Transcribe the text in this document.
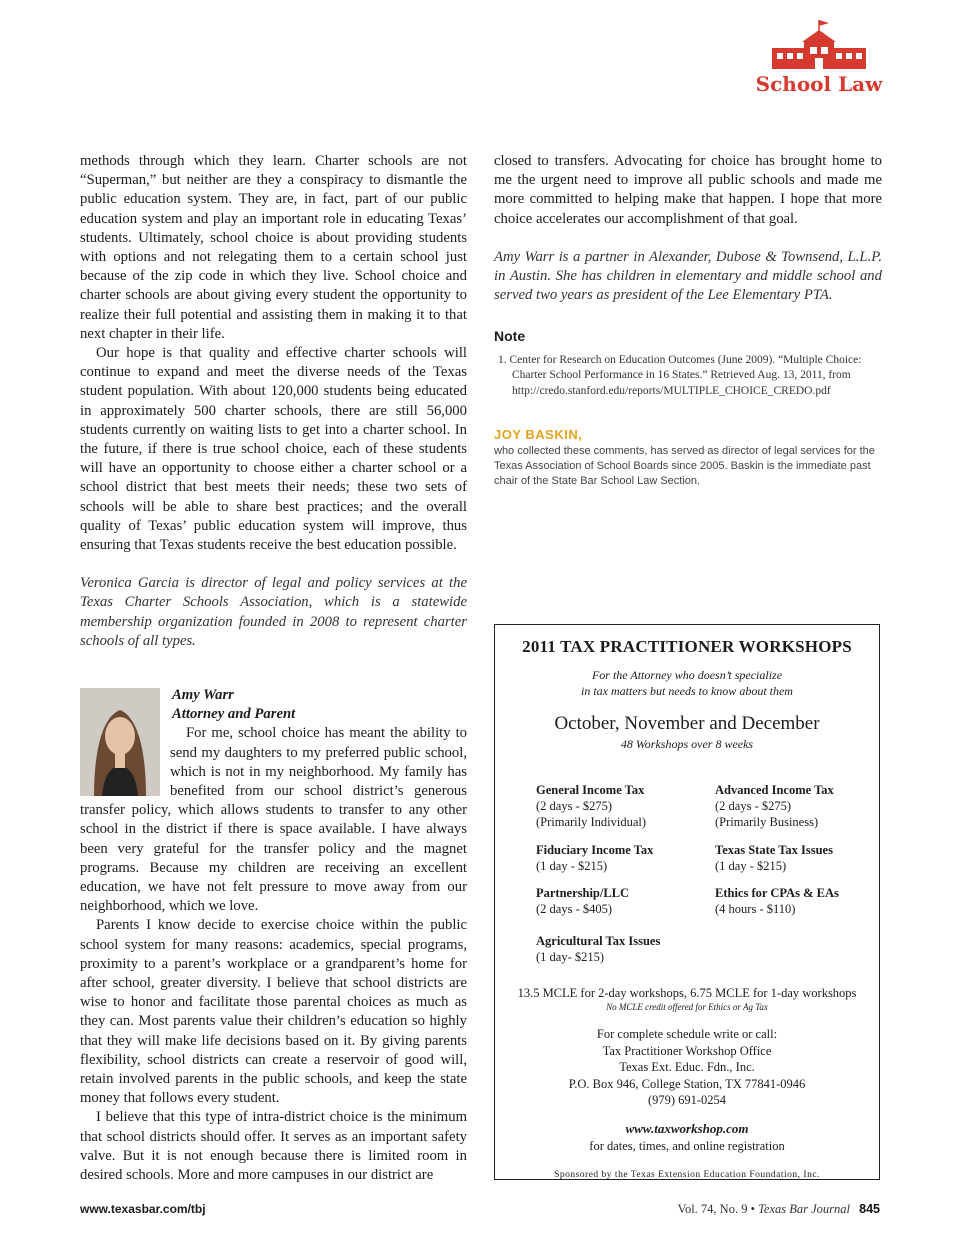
School Law

methods through which they learn. Charter schools are not “Superman,” but neither are they a conspiracy to dismantle the public education system. They are, in fact, part of our public education system and play an important role in educating Texas’ students. Ultimately, school choice is about providing students with options and not relegating them to a certain school just because of the zip code in which they live. School choice and charter schools are about giving every student the opportunity to realize their full potential and assisting them in making it to that next chapter in their life.

Our hope is that quality and effective charter schools will continue to expand and meet the diverse needs of the Texas student population. With about 120,000 students being educated in approximately 500 charter schools, there are still 56,000 students currently on waiting lists to get into a charter school. In the future, if there is true school choice, each of these students will have an opportunity to choose either a charter school or a school district that best meets their needs; these two sets of schools will be able to share best practices; and the overall quality of Texas’ public education system will improve, thus ensuring that Texas students receive the best education possible.

Veronica Garcia is director of legal and policy services at the Texas Charter Schools Association, which is a statewide membership organization founded in 2008 to represent charter schools of all types.

Amy Warr
Attorney and Parent

For me, school choice has meant the ability to send my daughters to my preferred public school, which is not in my neighborhood. My family has benefited from our school district’s generous transfer policy, which allows students to transfer to any other school in the district if there is space available. I have always been very grateful for the transfer policy and the magnet programs. Because my children are receiving an excellent education, we have not felt pressure to move away from our neighborhood, which we love.

Parents I know decide to exercise choice within the public school system for many reasons: academics, special programs, proximity to a parent’s workplace or a grandparent’s home for after school, greater diversity. I believe that school districts are wise to honor and facilitate those parental choices as much as they can. Most parents value their children’s education so highly that they will make life decisions based on it. By giving parents flexibility, school districts can create a reservoir of good will, retain involved parents in the public schools, and keep the state money that follows every student.

I believe that this type of intra-district choice is the minimum that school districts should offer. It serves as an important safety valve. But it is not enough because there is limited room in desired schools. More and more campuses in our district are

closed to transfers. Advocating for choice has brought home to me the urgent need to improve all public schools and made me more committed to helping make that happen. I hope that more choice accelerates our accomplishment of that goal.

Amy Warr is a partner in Alexander, Dubose & Townsend, L.L.P. in Austin. She has children in elementary and middle school and served two years as president of the Lee Elementary PTA.

Note
1. Center for Research on Education Outcomes (June 2009). “Multiple Choice: Charter School Performance in 16 States.” Retrieved Aug. 13, 2011, from http://credo.stanford.edu/reports/MULTIPLE_CHOICE_CREDO.pdf
JOY BASKIN,
who collected these comments, has served as director of legal services for the Texas Association of School Boards since 2005. Baskin is the immediate past chair of the State Bar School Law Section.
2011 TAX PRACTITIONER WORKSHOPS
For the Attorney who doesn’t specialize
in tax matters but needs to know about them
October, November and December
48 Workshops over 8 weeks
General Income Tax
(2 days - $275)
(Primarily Individual)
Advanced Income Tax
(2 days - $275)
(Primarily Business)
Fiduciary Income Tax
(1 day - $215)
Texas State Tax Issues
(1 day - $215)
Partnership/LLC
(2 days - $405)
Ethics for CPAs & EAs
(4 hours - $110)
Agricultural Tax Issues
(1 day- $215)
13.5 MCLE for 2-day workshops, 6.75 MCLE for 1-day workshops
No MCLE credit offered for Ethics or Ag Tax
For complete schedule write or call:
Tax Practitioner Workshop Office
Texas Ext. Educ. Fdn., Inc.
P.O. Box 946, College Station, TX 77841-0946
(979) 691-0254
www.taxworkshop.com
for dates, times, and online registration
Sponsored by the Texas Extension Education Foundation, Inc.
www.texasbar.com/tbj	Vol. 74, No. 9 • Texas Bar Journal 845
